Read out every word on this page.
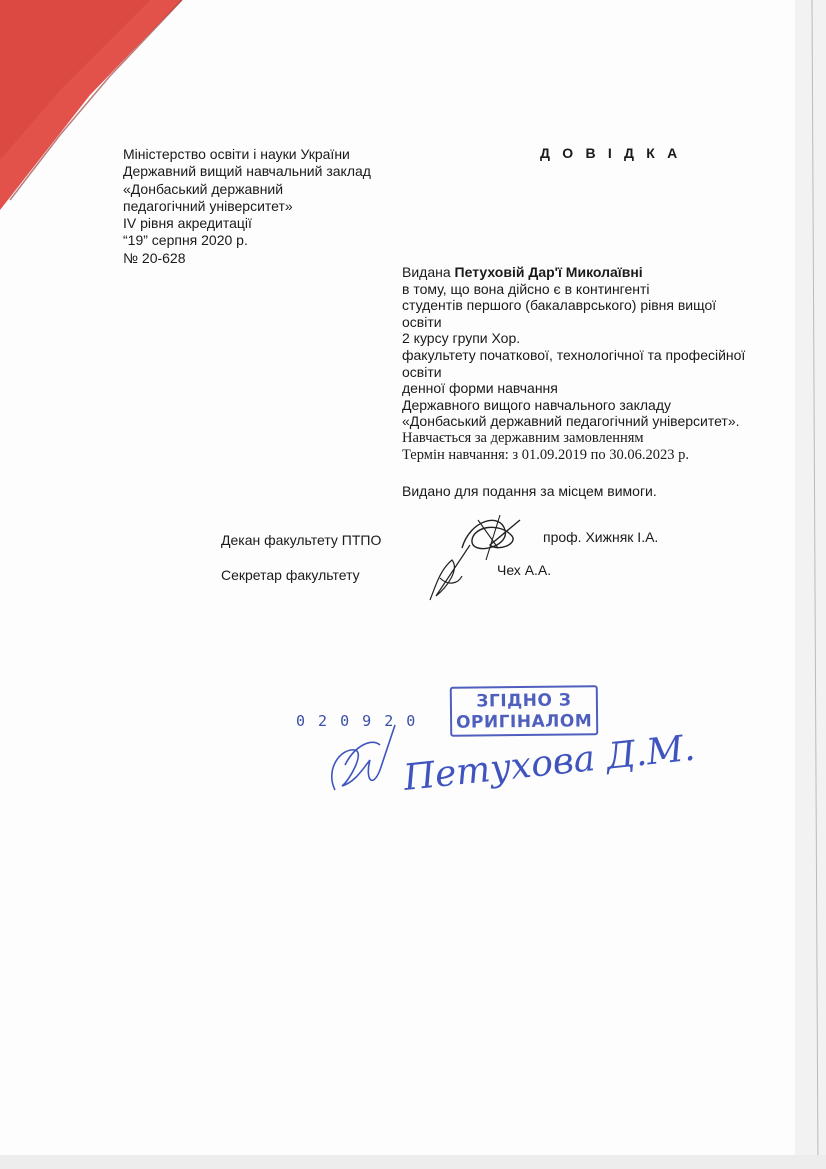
Міністерство освіти і науки України
Державний вищий навчальний заклад
«Донбаський державний
педагогічний університет»
IV рівня акредитації
“19” серпня 2020 р.
№ 20-628
Д О В І Д К А
Видана Петуховій Дар'ї Миколаївні
в тому, що вона дійсно є в контингенті
студентів першого (бакалаврського) рівня вищої
освіти
2 курсу групи Хор.
факультету початкової, технологічної та професійної
освіти
денної форми навчання
Державного вищого навчального закладу
«Донбаський державний педагогічний університет».
Навчається за державним замовленням
Термін навчання: з 01.09.2019 по 30.06.2023 р.
Видано для подання за місцем вимоги.
Декан факультету ПТПО	проф. Хижняк І.А.
Секретар факультету	Чех А.А.
Петухова Д.М.
0 2 0 9 2 0
ЗГІДНО З
ОРИГІНАЛОМ
